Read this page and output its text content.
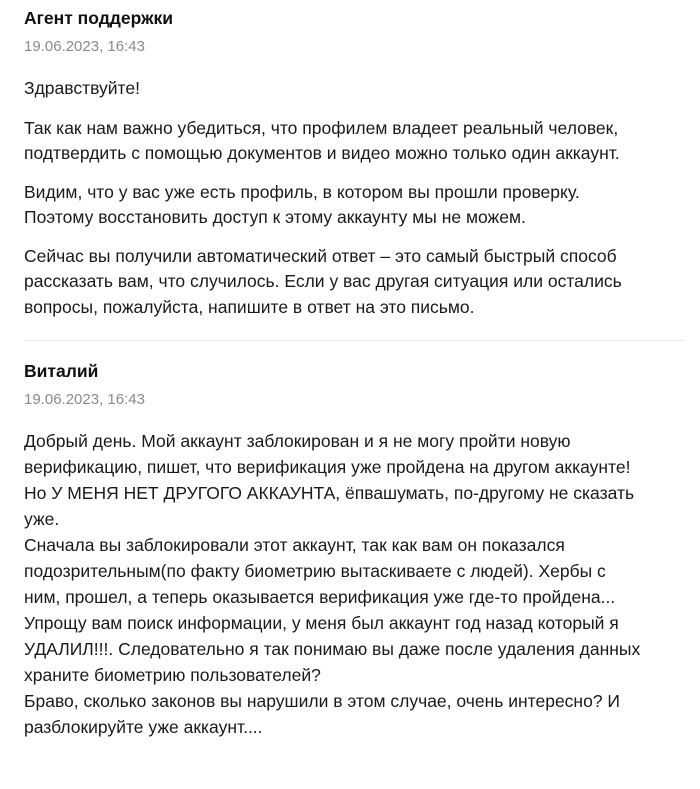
Агент поддержки
19.06.2023, 16:43
Здравствуйте!
Так как нам важно убедиться, что профилем владеет реальный человек,
подтвердить с помощью документов и видео можно только один аккаунт.
Видим, что у вас уже есть профиль, в котором вы прошли проверку.
Поэтому восстановить доступ к этому аккаунту мы не можем.
Сейчас вы получили автоматический ответ – это самый быстрый способ
рассказать вам, что случилось. Если у вас другая ситуация или остались
вопросы, пожалуйста, напишите в ответ на это письмо.
Виталий
19.06.2023, 16:43
Добрый день. Мой аккаунт заблокирован и я не могу пройти новую
верификацию, пишет, что верификация уже пройдена на другом аккаунте!
Но У МЕНЯ НЕТ ДРУГОГО АККАУНТА, ёпвашумать, по-другому не сказать
уже.
Сначала вы заблокировали этот аккаунт, так как вам он показался
подозрительным(по факту биометрию вытаскиваете с людей). Хербы с
ним, прошел, а теперь оказывается верификация уже где-то пройдена...
Упрощу вам поиск информации, у меня был аккаунт год назад который я
УДАЛИЛ!!!. Следовательно я так понимаю вы даже после удаления данных
храните биометрию пользователей?
Браво, сколько законов вы нарушили в этом случае, очень интересно? И
разблокируйте уже аккаунт....
